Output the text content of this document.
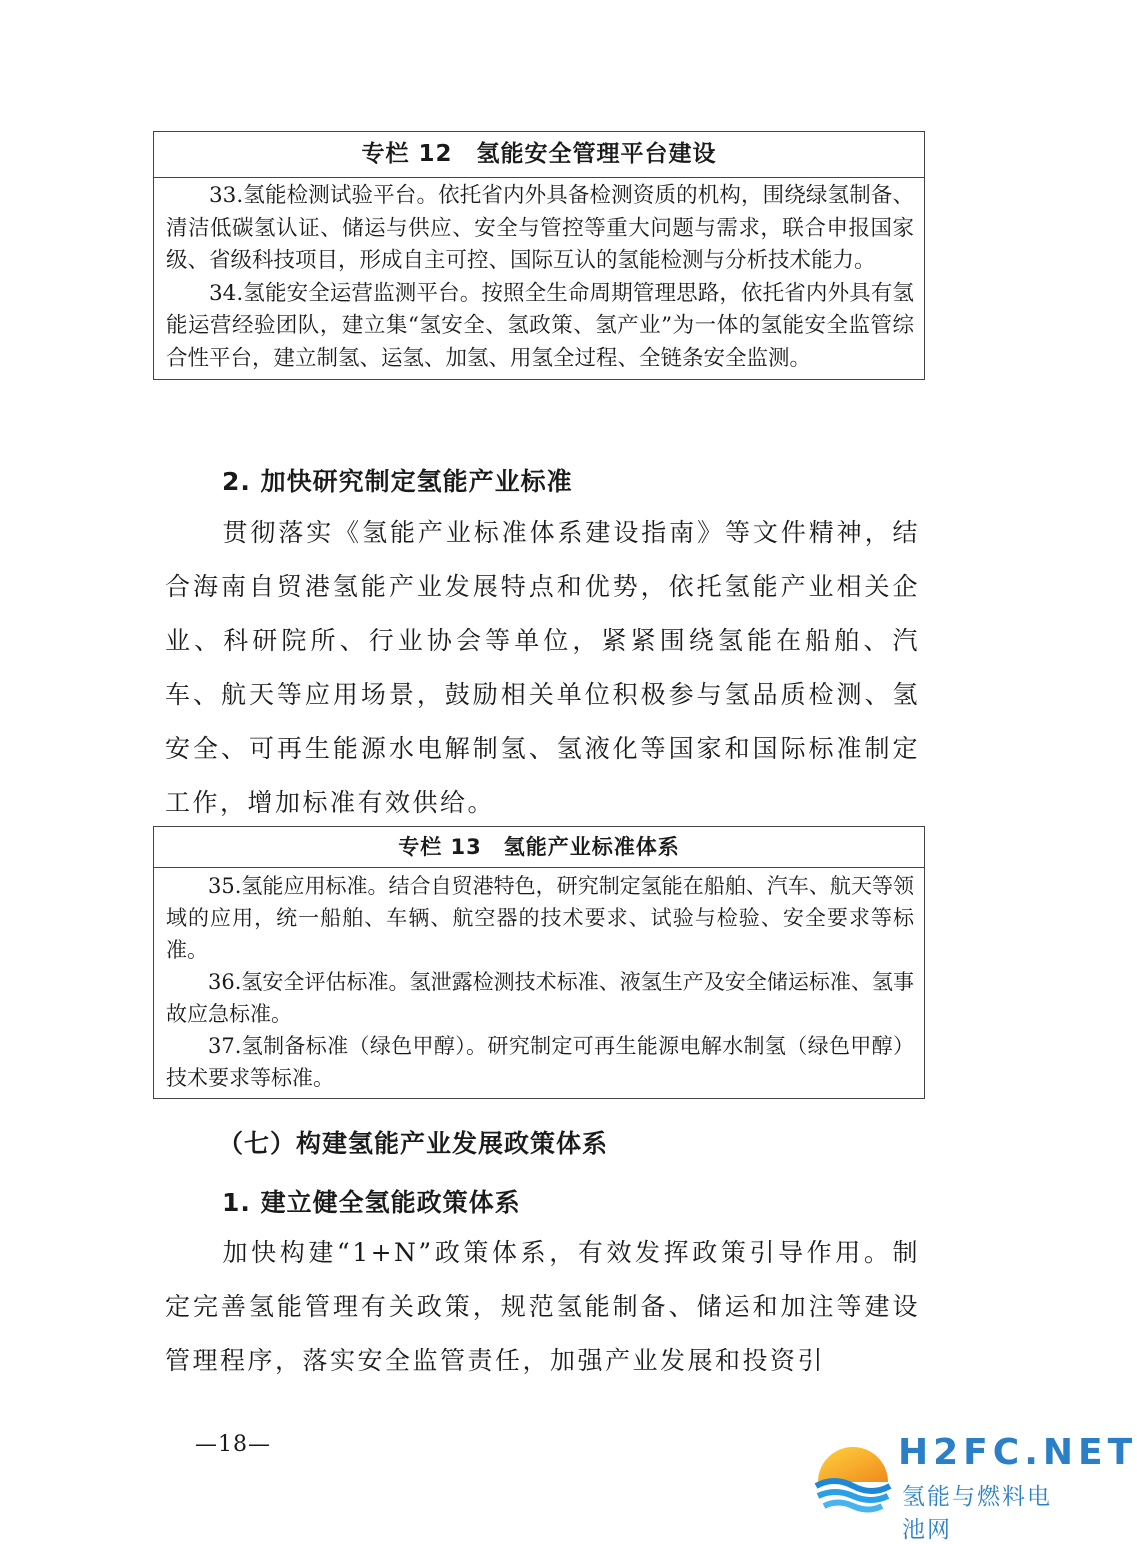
专栏 12　氢能安全管理平台建设

33.氢能检测试验平台。依托省内外具备检测资质的机构，围绕绿氢制备、清洁低碳氢认证、储运与供应、安全与管控等重大问题与需求，联合申报国家级、省级科技项目，形成自主可控、国际互认的氢能检测与分析技术能力。

34.氢能安全运营监测平台。按照全生命周期管理思路，依托省内外具有氢能运营经验团队，建立集“氢安全、氢政策、氢产业”为一体的氢能安全监管综合性平台，建立制氢、运氢、加氢、用氢全过程、全链条安全监测。

2. 加快研究制定氢能产业标准

贯彻落实《氢能产业标准体系建设指南》等文件精神，结合海南自贸港氢能产业发展特点和优势，依托氢能产业相关企业、科研院所、行业协会等单位，紧紧围绕氢能在船舶、汽车、航天等应用场景，鼓励相关单位积极参与氢品质检测、氢安全、可再生能源水电解制氢、氢液化等国家和国际标准制定工作，增加标准有效供给。

专栏 13　氢能产业标准体系

35.氢能应用标准。结合自贸港特色，研究制定氢能在船舶、汽车、航天等领域的应用，统一船舶、车辆、航空器的技术要求、试验与检验、安全要求等标准。

36.氢安全评估标准。氢泄露检测技术标准、液氢生产及安全储运标准、氢事故应急标准。

37.氢制备标准（绿色甲醇）。研究制定可再生能源电解水制氢（绿色甲醇）技术要求等标准。

（七）构建氢能产业发展政策体系
1. 建立健全氢能政策体系

加快构建“1+N”政策体系，有效发挥政策引导作用。制定完善氢能管理有关政策，规范氢能制备、储运和加注等建设管理程序，落实安全监管责任，加强产业发展和投资引

—18—	H2FC.NET
氢能与燃料电池网
